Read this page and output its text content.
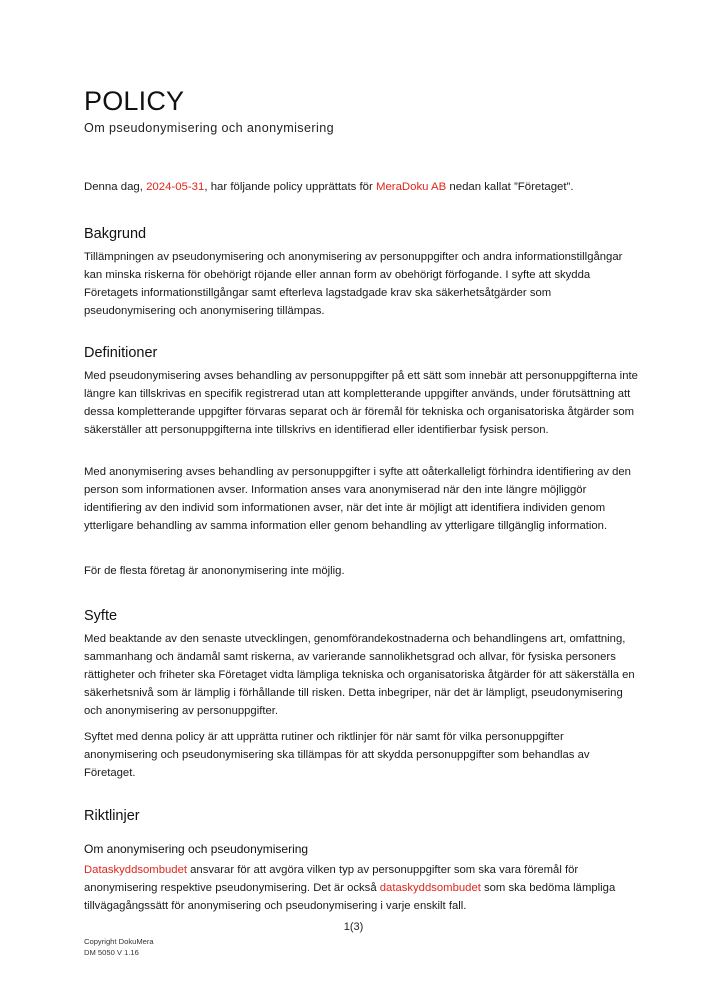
POLICY

Om pseudonymisering och anonymisering

Denna dag, 2024-05-31, har följande policy upprättats för MeraDoku AB nedan kallat ”Företaget”.

Bakgrund

Tillämpningen av pseudonymisering och anonymisering av personuppgifter och andra informationstillgångar kan minska riskerna för obehörigt röjande eller annan form av obehörigt förfogande. I syfte att skydda Företagets informationstillgångar samt efterleva lagstadgade krav ska säkerhetsåtgärder som pseudonymisering och anonymisering tillämpas.

Definitioner

Med pseudonymisering avses behandling av personuppgifter på ett sätt som innebär att personuppgifterna inte längre kan tillskrivas en specifik registrerad utan att kompletterande uppgifter används, under förutsättning att dessa kompletterande uppgifter förvaras separat och är föremål för tekniska och organisatoriska åtgärder som säkerställer att personuppgifterna inte tillskrivs en identifierad eller identifierbar fysisk person.

Med anonymisering avses behandling av personuppgifter i syfte att oåterkalleligt förhindra identifiering av den person som informationen avser. Information anses vara anonymiserad när den inte längre möjliggör identifiering av den individ som informationen avser, när det inte är möjligt att identifiera individen genom ytterligare behandling av samma information eller genom behandling av ytterligare tillgänglig information.

För de flesta företag är anononymisering inte möjlig.

Syfte

Med beaktande av den senaste utvecklingen, genomförandekostnaderna och behandlingens art, omfattning, sammanhang och ändamål samt riskerna, av varierande sannolikhetsgrad och allvar, för fysiska personers rättigheter och friheter ska Företaget vidta lämpliga tekniska och organisatoriska åtgärder för att säkerställa en säkerhetsnivå som är lämplig i förhållande till risken. Detta inbegriper, när det är lämpligt, pseudonymisering och anonymisering av personuppgifter.

Syftet med denna policy är att upprätta rutiner och riktlinjer för när samt för vilka personuppgifter anonymisering och pseudonymisering ska tillämpas för att skydda personuppgifter som behandlas av Företaget.

Riktlinjer
Om anonymisering och pseudonymisering

Dataskyddsombudet ansvarar för att avgöra vilken typ av personuppgifter som ska vara föremål för anonymisering respektive pseudonymisering. Det är också dataskyddsombudet som ska bedöma lämpliga tillvägagångssätt för anonymisering och pseudonymisering i varje enskilt fall.

1(3)

Copyright DokuMera

DM 5050 V 1.16
